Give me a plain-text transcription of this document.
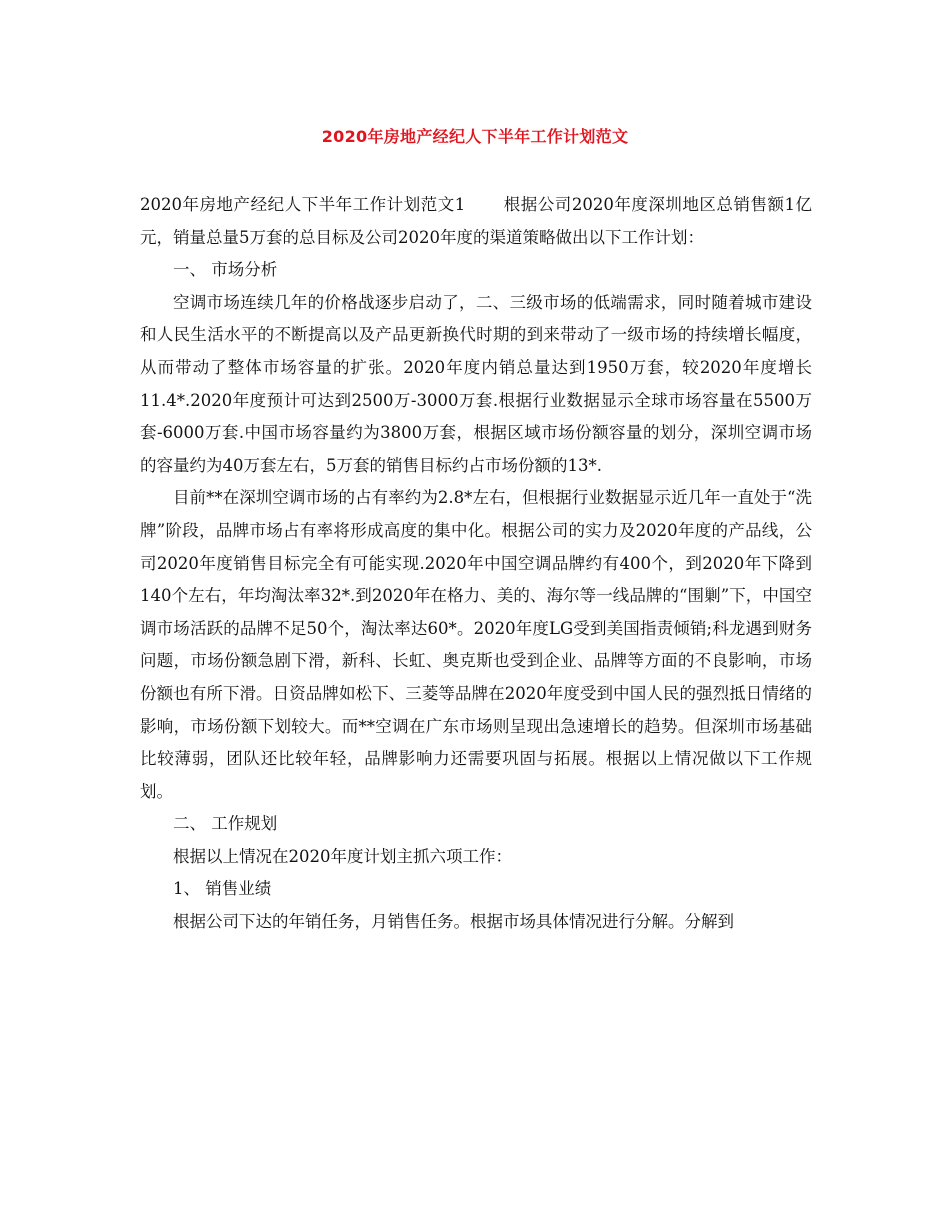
2020年房地产经纪人下半年工作计划范文

2020年房地产经纪人下半年工作计划范文1 根据公司2020年度深圳地区总销售额1亿元，销量总量5万套的总目标及公司2020年度的渠道策略做出以下工作计划：

一、 市场分析

空调市场连续几年的价格战逐步启动了，二、三级市场的低端需求，同时随着城市建设和人民生活水平的不断提高以及产品更新换代时期的到来带动了一级市场的持续增长幅度，从而带动了整体市场容量的扩张。2020年度内销总量达到1950万套，较2020年度增长11.4*.2020年度预计可达到2500万-3000万套.根据行业数据显示全球市场容量在5500万套-6000万套.中国市场容量约为3800万套，根据区域市场份额容量的划分，深圳空调市场的容量约为40万套左右，5万套的销售目标约占市场份额的13*.

目前**在深圳空调市场的占有率约为2.8*左右，但根据行业数据显示近几年一直处于“洗牌”阶段，品牌市场占有率将形成高度的集中化。根据公司的实力及2020年度的产品线，公司2020年度销售目标完全有可能实现.2020年中国空调品牌约有400个，到2020年下降到140个左右，年均淘汰率32*.到2020年在格力、美的、海尔等一线品牌的“围剿”下，中国空调市场活跃的品牌不足50个，淘汰率达60*。2020年度LG受到美国指责倾销;科龙遇到财务问题，市场份额急剧下滑，新科、长虹、奥克斯也受到企业、品牌等方面的不良影响，市场份额也有所下滑。日资品牌如松下、三菱等品牌在2020年度受到中国人民的强烈抵日情绪的影响，市场份额下划较大。而**空调在广东市场则呈现出急速增长的趋势。但深圳市场基础比较薄弱，团队还比较年轻，品牌影响力还需要巩固与拓展。根据以上情况做以下工作规划。

二、 工作规划

根据以上情况在2020年度计划主抓六项工作：

1、 销售业绩

根据公司下达的年销任务，月销售任务。根据市场具体情况进行分解。分解到
